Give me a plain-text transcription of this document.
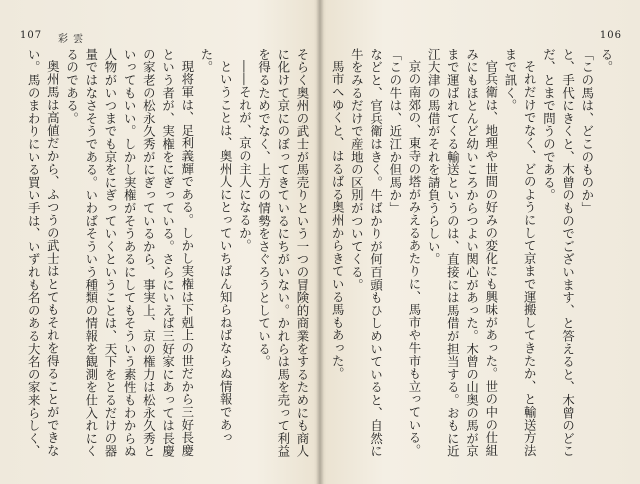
107 彩 雲

そらく奥州の武士が馬売りという一つの冒険的商業をするためにも商人に化けて京にのぼってきているにちがいない。かれらは馬を売って利益を得るためでなく、上方の情勢をさぐろうとしている。

――それが、京の主人になるか。

ということは、奥州人にとっていちばん知らねばならぬ情報であった。

現将軍は、足利義輝である。しかし実権は下剋上の世だから三好長慶という者が、実権をにぎっている。さらにいえば三好家にあっては長慶の家老の松永久秀がにぎっているから、事実上、京の権力は松永久秀といってもいい。しかし実権がそうあるにしてもそういう素性もわからぬ人物がいつまでも京をにぎっていくということは、天下をとるだけの器量ではなさそうである。いわばそういう種類の情報を観測を仕入れにくるのである。

奥州馬は高値だから、ふつうの武士はとてもそれを得ることができない。馬のまわりにいる買い手は、いずれも名のある大名の家来らしく、

106

る。

「この馬は、どこのものか」

と、手代にきくと、木曾のものでございます、と答えると、木曾のどこだ、とまで問うのである。

それだけでなく、どのようにして京まで運搬してきたか、と輸送方法まで訊く。

官兵衛は、地理や世間の好みの変化にも興味があった。世の中の仕組みにもほとんど幼いころからつよい関心があった。木曾の山奥の馬が京まで運ばれてくる輸送というのは、直接には馬借が担当する。おもに近江大津の馬借がそれを請負うらしい。

京の南郊の、東寺の塔がみえるあたりに、馬市や牛市も立っている。

「この牛は、近江か但馬か」

などと、官兵衛はきく。牛ばかりが何百頭もひしめいていると、自然に牛をみるだけで産地の区別がついてくる。

馬市へゆくと、はるばる奥州からきている馬もあった。
